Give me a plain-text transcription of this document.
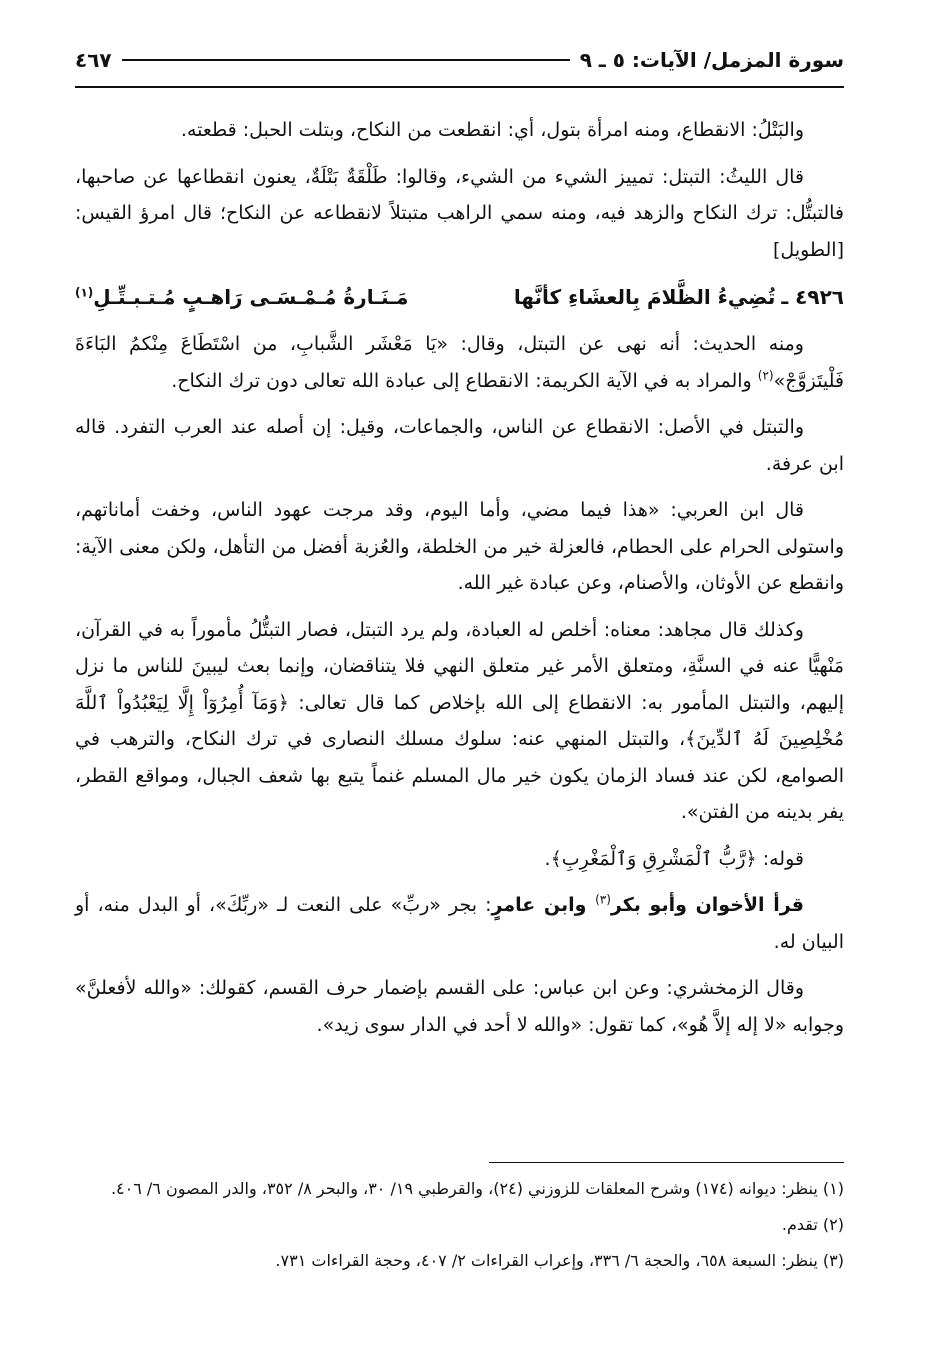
سورة المزمل/ الآيات: ٥ ـ ٩
٤٦٧

والبَتْلُ: الانقطاع، ومنه امرأة بتول، أي: انقطعت من النكاح، وبتلت الحبل: قطعته.

قال الليثُ: التبتل: تمييز الشيء من الشيء، وقالوا: طَلْقَةٌ بَتْلَةٌ، يعنون انقطاعها عن صاحبها، فالتبتُّل: ترك النكاح والزهد فيه، ومنه سمي الراهب متبتلاً لانقطاعه عن النكاح؛ قال امرؤ القيس: [الطويل]

٤٩٢٦ ـ
تُضِيءُ الظَّلامَ بِالعشَاءِ كأنَّها
مَـنَـارةُ مُـمْـسَـى رَاهـبٍ مُـتـبـتِّـلِ$^{(١)}$

ومنه الحديث: أنه نهى عن التبتل، وقال: «يَا مَعْشَر الشَّبابِ، من اسْتَطَاعَ مِنْكمُ البَاءَةَ فَلْيتَزوَّجْ»$^{(٢)}$ والمراد به في الآية الكريمة: الانقطاع إلى عبادة الله تعالى دون ترك النكاح.

والتبتل في الأصل: الانقطاع عن الناس، والجماعات، وقيل: إن أصله عند العرب التفرد. قاله ابن عرفة.

قال ابن العربي: «هذا فيما مضي، وأما اليوم، وقد مرجت عهود الناس، وخفت أماناتهم، واستولى الحرام على الحطام، فالعزلة خير من الخلطة، والعُزبة أفضل من التأهل، ولكن معنى الآية: وانقطع عن الأوثان، والأصنام، وعن عبادة غير الله.

وكذلك قال مجاهد: معناه: أخلص له العبادة، ولم يرد التبتل، فصار التبتُّلُ مأموراً به في القرآن، مَنْهيًّا عنه في السنَّةِ، ومتعلق الأمر غير متعلق النهي فلا يتناقضان، وإنما بعث ليبينَ للناس ما نزل إليهم، والتبتل المأمور به: الانقطاع إلى الله بإخلاص كما قال تعالى: ﴿وَمَآ أُمِرُوٓاْ إِلَّا لِيَعْبُدُواْ ٱللَّهَ مُخْلِصِينَ لَهُ ٱلدِّينَ﴾، والتبتل المنهي عنه: سلوك مسلك النصارى في ترك النكاح، والترهب في الصوامع، لكن عند فساد الزمان يكون خير مال المسلم غنماً يتبع بها شعف الجبال، ومواقع القطر، يفر بدينه من الفتن».

قوله: ﴿رَّبُّ ٱلْمَشْرِقِ وَٱلْمَغْرِبِ﴾.

قرأ الأخوان وأبو بكر$^{(٣)}$ وابن عامرٍ: بجر «ربِّ» على النعت لـ «ربِّكَ»، أو البدل منه، أو البيان له.

وقال الزمخشري: وعن ابن عباس: على القسم بإضمار حرف القسم، كقولك: «والله لأفعلنَّ» وجوابه «لا إله إلاَّ هُو»، كما تقول: «والله لا أحد في الدار سوى زيد».

(١) ينظر: ديوانه (١٧٤) وشرح المعلقات للزوزني (٢٤)، والقرطبي ١٩/ ٣٠، والبحر ٨/ ٣٥٢، والدر المصون ٦/ ٤٠٦.
(٢) تقدم.
(٣) ينظر: السبعة ٦٥٨، والحجة ٦/ ٣٣٦، وإعراب القراءات ٢/ ٤٠٧، وحجة القراءات ٧٣١.
